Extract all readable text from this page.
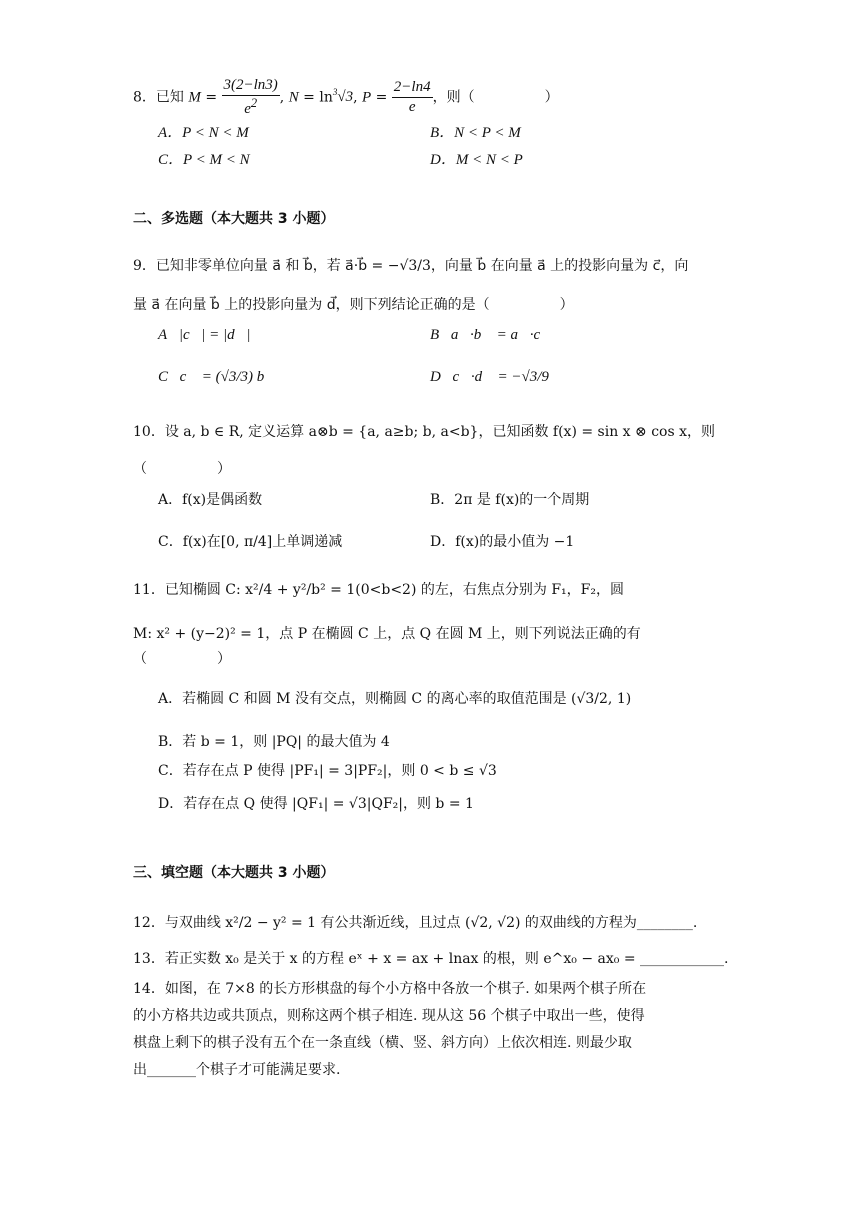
8．已知 $M = \frac{3(2-\ln 3)}{e^2}$ , $N = \ln^3√3$, $P = \frac{2-\ln 4}{e}$ ，则（　　　　　）
A．P < N < M	B．N < P < M
C．P < M < N	D．M < N < P
二、多选题（本大题共 3 小题）
9．已知非零单位向量 a⃗ 和 b⃗，若 a⃗·b⃗ = −√3/3，向量 b⃗ 在向量 a⃗ 上的投影向量为 c⃗，向
量 a⃗ 在向量 b⃗ 上的投影向量为 d⃗，则下列结论正确的是（　　　　　）
A．|c⃗| = |d⃗|	B．a⃗·b⃗ = a⃗·c⃗
C．c⃗ = (√3/3) b⃗	D．c⃗·d⃗ = −√3/9
10．设 a, b ∈ R, 定义运算 a⊗b = {a, a≥b; b, a<b}，已知函数 f(x) = sin x ⊗ cos x，则
（　　　　　）
A．f(x)是偶函数	B．2π 是 f(x)的一个周期
C．f(x)在[0, π/4]上单调递减	D．f(x)的最小值为 −1
11．已知椭圆 C: x²/4 + y²/b² = 1(0<b<2) 的左，右焦点分别为 F₁，F₂，圆
M: x² + (y−2)² = 1，点 P 在椭圆 C 上，点 Q 在圆 M 上，则下列说法正确的有
（　　　　　）
A．若椭圆 C 和圆 M 没有交点，则椭圆 C 的离心率的取值范围是 (√3/2, 1)
B．若 b = 1，则 |PQ| 的最大值为 4
C．若存在点 P 使得 |PF₁| = 3|PF₂|，则 0 < b ≤ √3
D．若存在点 Q 使得 |QF₁| = √3|QF₂|，则 b = 1
三、填空题（本大题共 3 小题）
12．与双曲线 x²/2 − y² = 1 有公共渐近线，且过点 (√2, √2) 的双曲线的方程为________.
13．若正实数 x₀ 是关于 x 的方程 eˣ + x = ax + lnax 的根，则 e^x₀ − ax₀ = ____________.
14．如图，在 7×8 的长方形棋盘的每个小方格中各放一个棋子. 如果两个棋子所在
的小方格共边或共顶点，则称这两个棋子相连. 现从这 56 个棋子中取出一些，使得
棋盘上剩下的棋子没有五个在一条直线（横、竖、斜方向）上依次相连. 则最少取
出_______个棋子才可能满足要求.
